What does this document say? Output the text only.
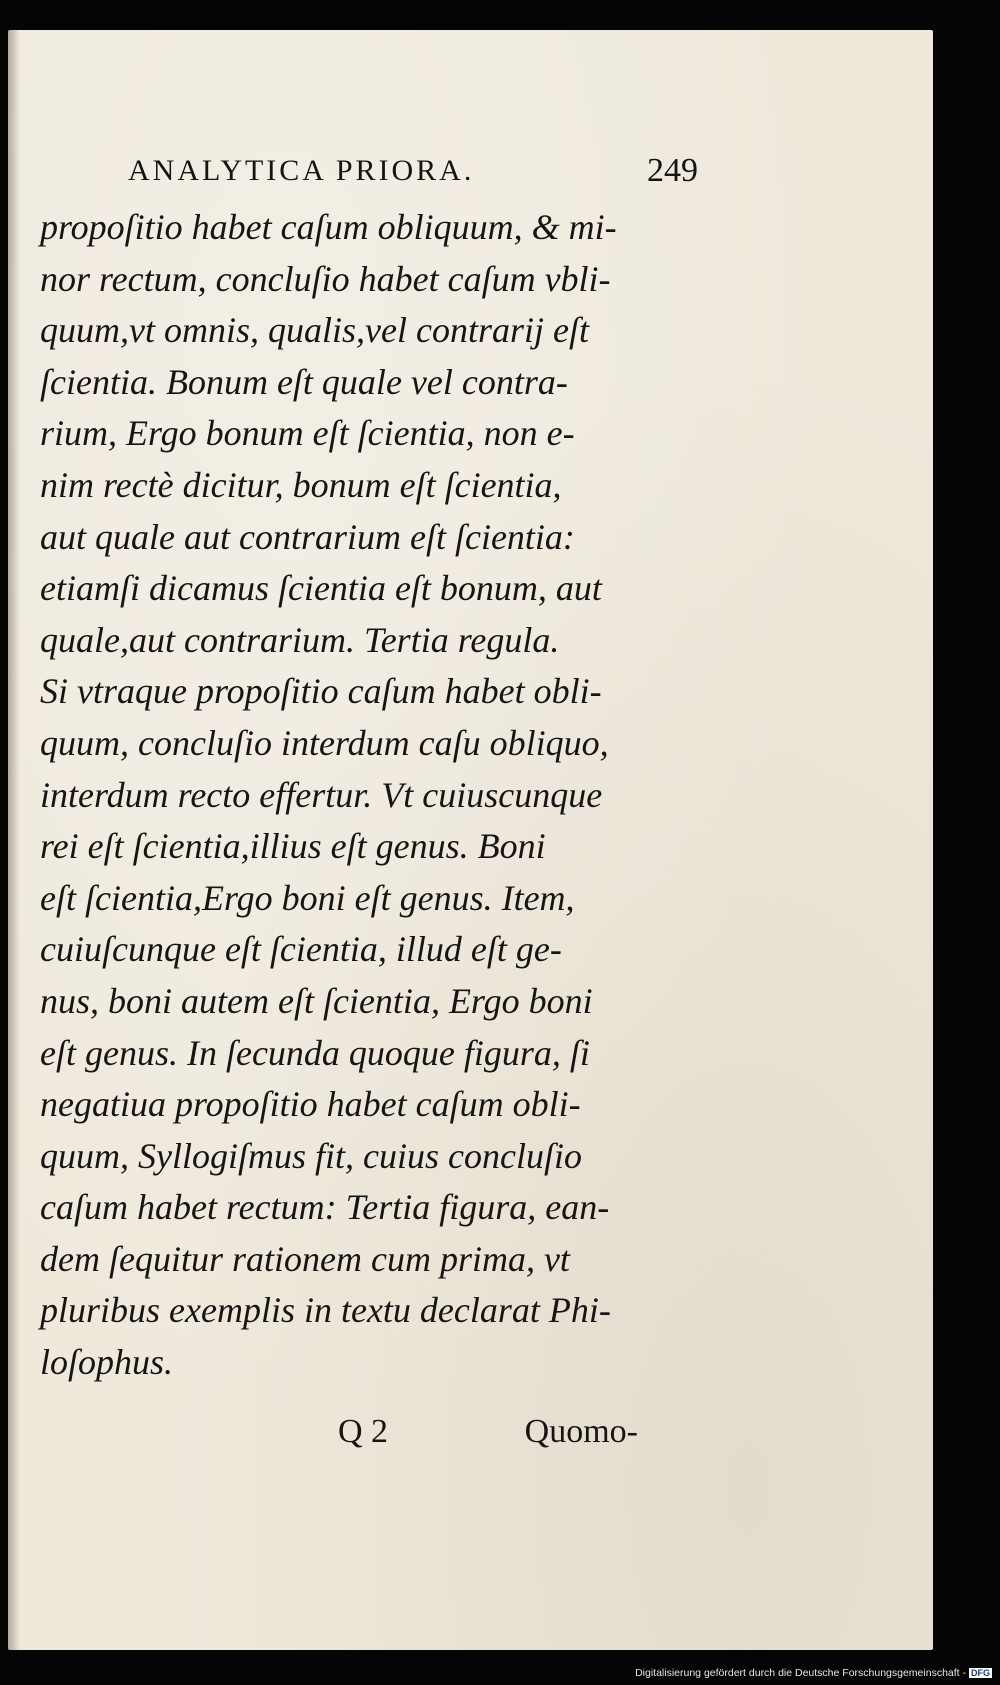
ANALYTICA PRIORA.	249
propoſitio habet caſum obliquum, & mi-
nor rectum, concluſio habet caſum vbli-
quum,vt omnis, qualis,vel contrarij eſt
ſcientia. Bonum eſt quale vel contra-
rium, Ergo bonum eſt ſcientia, non e-
nim rectè dicitur, bonum eſt ſcientia,
aut quale aut contrarium eſt ſcientia:
etiamſi dicamus ſcientia eſt bonum, aut
quale,aut contrarium. Tertia regula.
Si vtraque propoſitio caſum habet obli-
quum, concluſio interdum caſu obliquo,
interdum recto effertur. Vt cuiuscunque
rei eſt ſcientia,illius eſt genus. Boni
eſt ſcientia,Ergo boni eſt genus. Item,
cuiuſcunque eſt ſcientia, illud eſt ge-
nus, boni autem eſt ſcientia, Ergo boni
eſt genus. In ſecunda quoque figura, ſi
negatiua propoſitio habet caſum obli-
quum, Syllogiſmus fit, cuius concluſio
caſum habet rectum: Tertia figura, ean-
dem ſequitur rationem cum prima, vt
pluribus exemplis in textu declarat Phi-
loſophus.
Q 2	Quomo-
Digitalisierung gefördert durch die Deutsche Forschungsgemeinschaft - DFG
